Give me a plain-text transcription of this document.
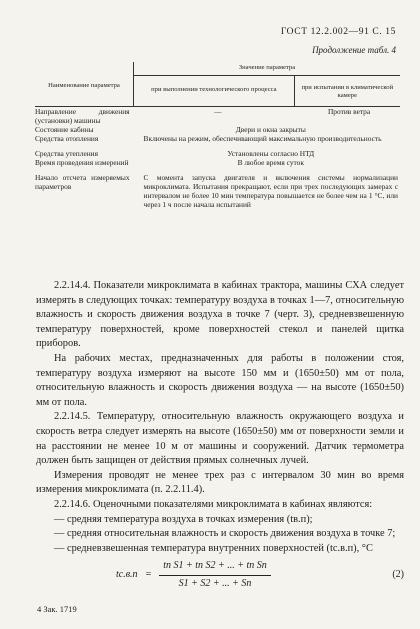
ГОСТ 12.2.002—91 С. 15
Продолжение табл. 4
Наименование параметра	Значение параметра	
	при выполнении технологического процесса	при испытании в климатической камере
Направление движения (установки) машины	—	Против ветра
Состояние кабины	Двери и окна закрыты	
Средства отопления	Включены на режим, обеспечивающий максимальную производительность	

Средства утепления	Установлены согласно НТД	
Время проведения измерений	В любое время суток	

Начало отсчета измеряемых параметров	С момента запуска двигателя и включения системы нормализации микроклимата. Испытания прекращают, если при трех последующих замерах с интервалом не более 10 мин температура повышается не более чем на 1 °С, или через 1 ч после начала испытаний	

2.2.14.4. Показатели микроклимата в кабинах трактора, машины СХА следует измерять в следующих точках: температуру воздуха в точках 1—7, относительную влажность и скорость движения воздуха в точке 7 (черт. 3), средневзвешенную температуру поверхностей, кроме поверхностей стекол и панелей щитка приборов.

На рабочих местах, предназначенных для работы в положении стоя, температуру воздуха измеряют на высоте 150 мм и (1650±50) мм от пола, относительную влажность и скорость движения воздуха — на высоте (1650±50) мм от пола.

2.2.14.5. Температуру, относительную влажность окружающего воздуха и скорость ветра следует измерять на высоте (1650±50) мм от поверхности земли и на расстоянии не менее 10 м от машины и сооружений. Датчик термометра должен быть защищен от действия прямых солнечных лучей.

Измерения проводят не менее трех раз с интервалом 30 мин во время измерения микроклимата (п. 2.2.11.4).

2.2.14.6. Оценочными показателями микроклимата в кабинах являются:

— средняя температура воздуха в точках измерения (tв.п);
— средняя относительная влажность и скорость движения воздуха в точке 7;
— средневзвешенная температура внутренних поверхностей (tс.в.п), °С
$tс.в.п = \frac{\text{tп S1 + tп S2 + ... + tп Sп}}{S1 + S2 + ... + Sп}$	(2)
4 Зак. 1719
